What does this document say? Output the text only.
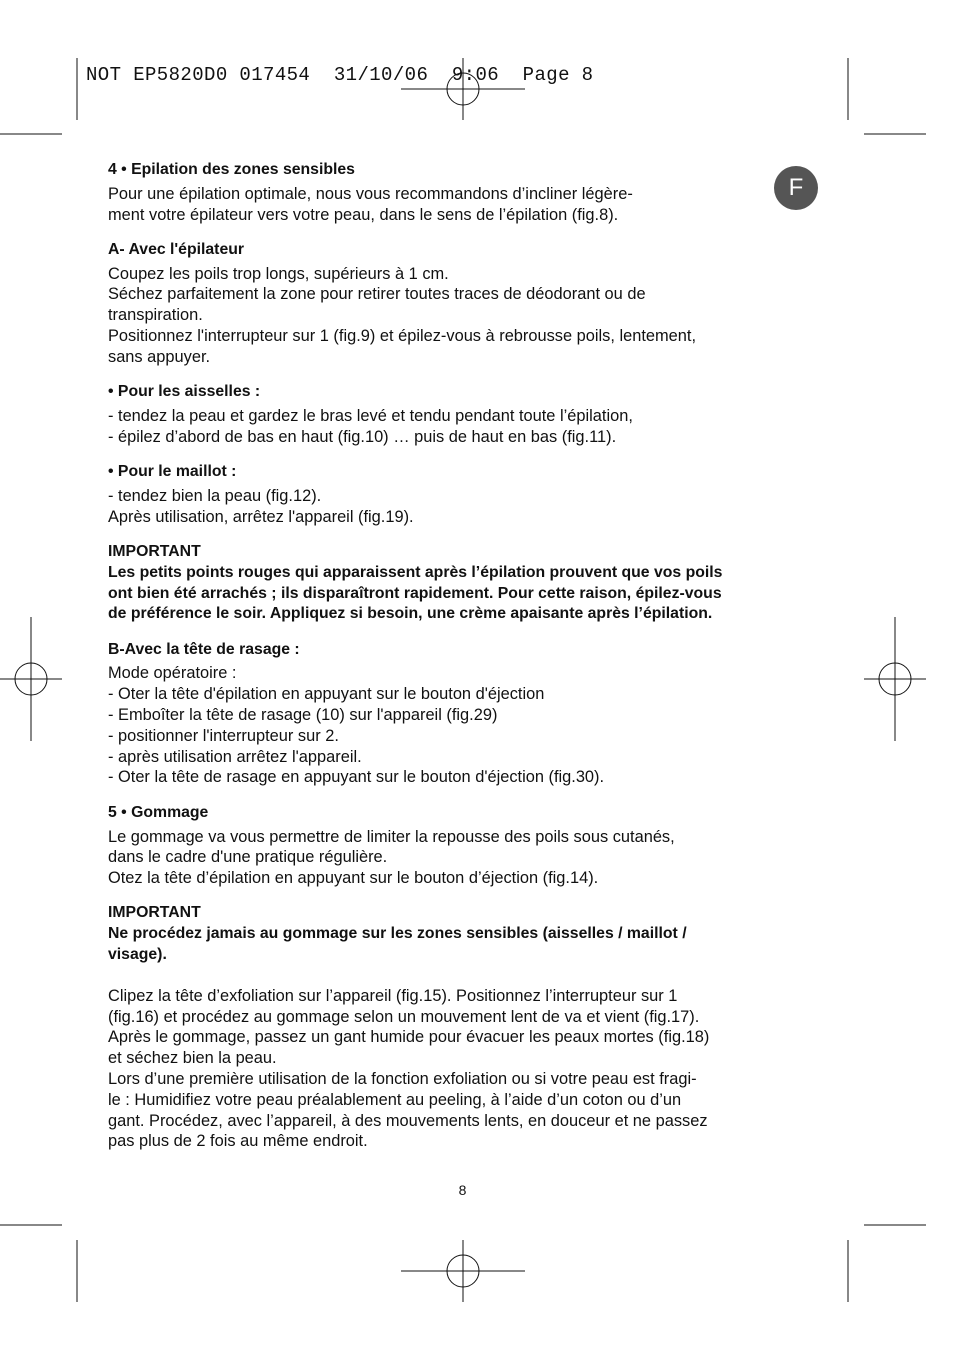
NOT EP5820D0 017454  31/10/06  9:06  Page 8
F

4 • Epilation des zones sensibles

Pour une épilation optimale, nous vous recommandons d’incliner légère-

ment votre épilateur vers votre peau, dans le sens de l’épilation (fig.8).

A- Avec l'épilateur

Coupez les poils trop longs, supérieurs à 1 cm.

Séchez parfaitement la zone pour retirer toutes traces de déodorant ou de

transpiration.

Positionnez l'interrupteur sur 1 (fig.9) et épilez-vous à rebrousse poils, lentement,

sans appuyer.

• Pour les aisselles :

- tendez la peau et gardez le bras levé et tendu pendant toute l’épilation,

- épilez d’abord de bas en haut (fig.10) … puis de haut en bas (fig.11).

• Pour le maillot :

- tendez bien la peau (fig.12).

Après utilisation, arrêtez l'appareil (fig.19).

IMPORTANT

Les petits points rouges qui apparaissent après l’épilation prouvent que vos poils

ont bien été arrachés ; ils disparaîtront rapidement. Pour cette raison, épilez-vous

de préférence le soir. Appliquez si besoin, une crème apaisante après l’épilation.

B-Avec la tête de rasage :

Mode opératoire :

- Oter la tête d'épilation en appuyant sur le bouton d'éjection

- Emboîter la tête de rasage (10) sur l'appareil (fig.29)

- positionner l'interrupteur sur 2.

- après utilisation arrêtez l'appareil.

- Oter la tête de rasage en appuyant sur le bouton d'éjection (fig.30).

5 • Gommage

Le gommage va vous permettre de limiter la repousse des poils sous cutanés,

dans le cadre d'une pratique régulière.

Otez la tête d’épilation en appuyant sur le bouton d’éjection (fig.14).

IMPORTANT

Ne procédez jamais au gommage sur les zones sensibles (aisselles / maillot /

visage).

Clipez la tête d’exfoliation sur l’appareil (fig.15). Positionnez l’interrupteur sur 1

(fig.16) et procédez au gommage selon un mouvement lent de va et vient (fig.17).

Après le gommage, passez un gant humide pour évacuer les peaux mortes (fig.18)

et séchez bien la peau.

Lors d’une première utilisation de la fonction exfoliation ou si votre peau est fragi-

le : Humidifiez votre peau préalablement au peeling, à l’aide d’un coton ou d’un

gant. Procédez, avec l’appareil, à des mouvements lents, en douceur et ne passez

pas plus de 2 fois au même endroit.

8
